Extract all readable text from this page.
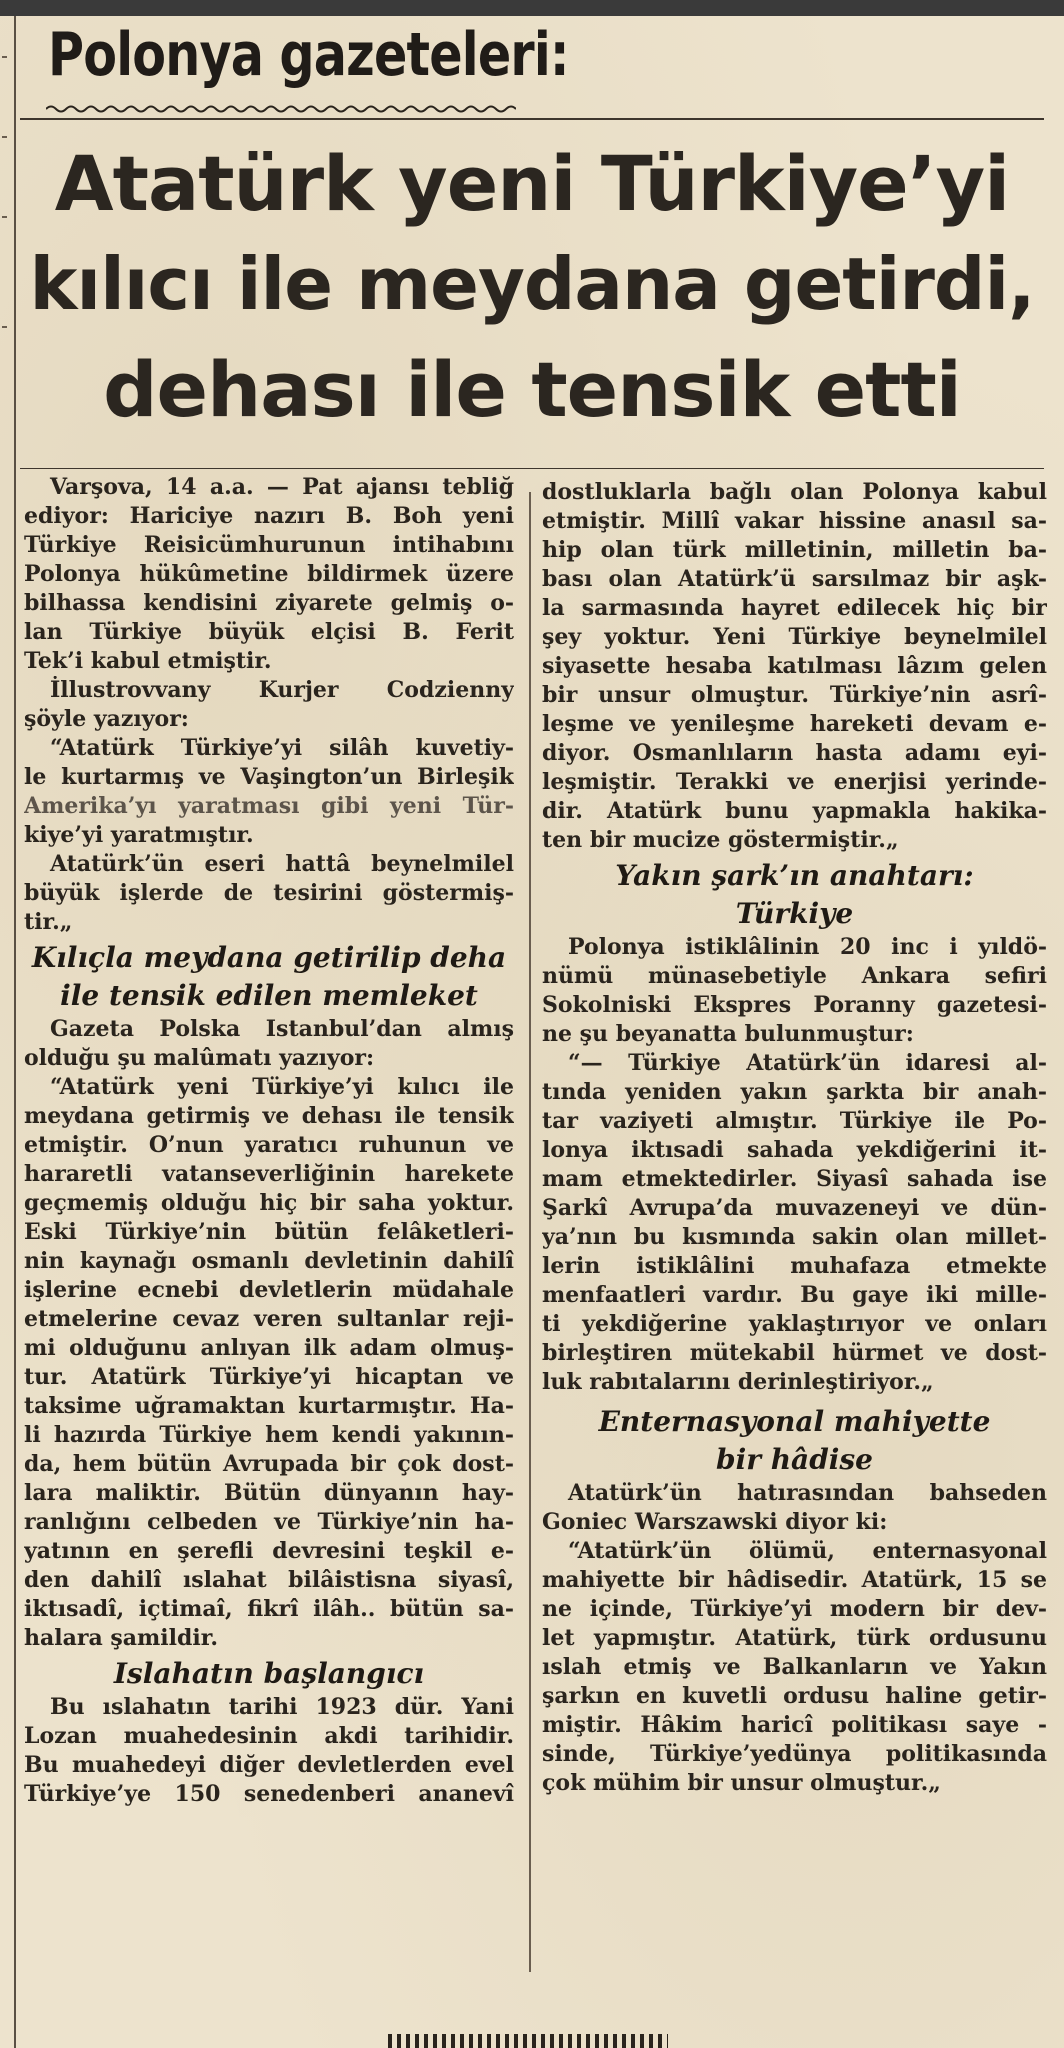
Polonya gazeteleri:
Atatürk yeni Türkiye’yi
kılıcı ile meydana getirdi,
dehası ile tensik etti
Varşova, 14 a.a. — Pat ajansı tebliğ
ediyor: Hariciye nazırı B. Boh yeni
Türkiye Reisicümhurunun intihabını
Polonya hükûmetine bildirmek üzere
bilhassa kendisini ziyarete gelmiş o-
lan Türkiye büyük elçisi B. Ferit
Tek’i kabul etmiştir.
İllustrovvany Kurjer Codzienny
şöyle yazıyor:
“Atatürk Türkiye’yi silâh kuvetiy-
le kurtarmış ve Vaşington’un Birleşik
Amerika’yı yaratması gibi yeni Tür-
kiye’yi yaratmıştır.
Atatürk’ün eseri hattâ beynelmilel
büyük işlerde de tesirini göstermiş-
tir.„
Kılıçla meydana getirilip deha
ile tensik edilen memleket
Gazeta Polska Istanbul’dan almış
olduğu şu malûmatı yazıyor:
“Atatürk yeni Türkiye’yi kılıcı ile
meydana getirmiş ve dehası ile tensik
etmiştir. O’nun yaratıcı ruhunun ve
hararetli vatanseverliğinin harekete
geçmemiş olduğu hiç bir saha yoktur.
Eski Türkiye’nin bütün felâketleri-
nin kaynağı osmanlı devletinin dahilî
işlerine ecnebi devletlerin müdahale
etmelerine cevaz veren sultanlar reji-
mi olduğunu anlıyan ilk adam olmuş-
tur. Atatürk Türkiye’yi hicaptan ve
taksime uğramaktan kurtarmıştır. Ha-
li hazırda Türkiye hem kendi yakının-
da, hem bütün Avrupada bir çok dost-
lara maliktir. Bütün dünyanın hay-
ranlığını celbeden ve Türkiye’nin ha-
yatının en şerefli devresini teşkil e-
den dahilî ıslahat bilâistisna siyasî,
iktısadî, içtimaî, fikrî ilâh.. bütün sa-
halara şamildir.
Islahatın başlangıcı
Bu ıslahatın tarihi 1923 dür. Yani
Lozan muahedesinin akdi tarihidir.
Bu muahedeyi diğer devletlerden evel
Türkiye’ye 150 senedenberi ananevî
dostluklarla bağlı olan Polonya kabul
etmiştir. Millî vakar hissine anasıl sa-
hip olan türk milletinin, milletin ba-
bası olan Atatürk’ü sarsılmaz bir aşk-
la sarmasında hayret edilecek hiç bir
şey yoktur. Yeni Türkiye beynelmilel
siyasette hesaba katılması lâzım gelen
bir unsur olmuştur. Türkiye’nin asrî-
leşme ve yenileşme hareketi devam e-
diyor. Osmanlıların hasta adamı eyi-
leşmiştir. Terakki ve enerjisi yerinde-
dir. Atatürk bunu yapmakla hakika-
ten bir mucize göstermiştir.„
Yakın şark’ın anahtarı:
Türkiye
Polonya istiklâlinin 20 inc i yıldö-
nümü münasebetiyle Ankara sefiri
Sokolniski Ekspres Poranny gazetesi-
ne şu beyanatta bulunmuştur:
“— Türkiye Atatürk’ün idaresi al-
tında yeniden yakın şarkta bir anah-
tar vaziyeti almıştır. Türkiye ile Po-
lonya iktısadi sahada yekdiğerini it-
mam etmektedirler. Siyasî sahada ise
Şarkî Avrupa’da muvazeneyi ve dün-
ya’nın bu kısmında sakin olan millet-
lerin istiklâlini muhafaza etmekte
menfaatleri vardır. Bu gaye iki mille-
ti yekdiğerine yaklaştırıyor ve onları
birleştiren mütekabil hürmet ve dost-
luk rabıtalarını derinleştiriyor.„
Enternasyonal mahiyette
bir hâdise
Atatürk’ün hatırasından bahseden
Goniec Warszawski diyor ki:
“Atatürk’ün ölümü, enternasyonal
mahiyette bir hâdisedir. Atatürk, 15 se
ne içinde, Türkiye’yi modern bir dev-
let yapmıştır. Atatürk, türk ordusunu
ıslah etmiş ve Balkanların ve Yakın
şarkın en kuvetli ordusu haline getir-
miştir. Hâkim haricî politikası saye -
sinde, Türkiye’yedünya politikasında
çok mühim bir unsur olmuştur.„
